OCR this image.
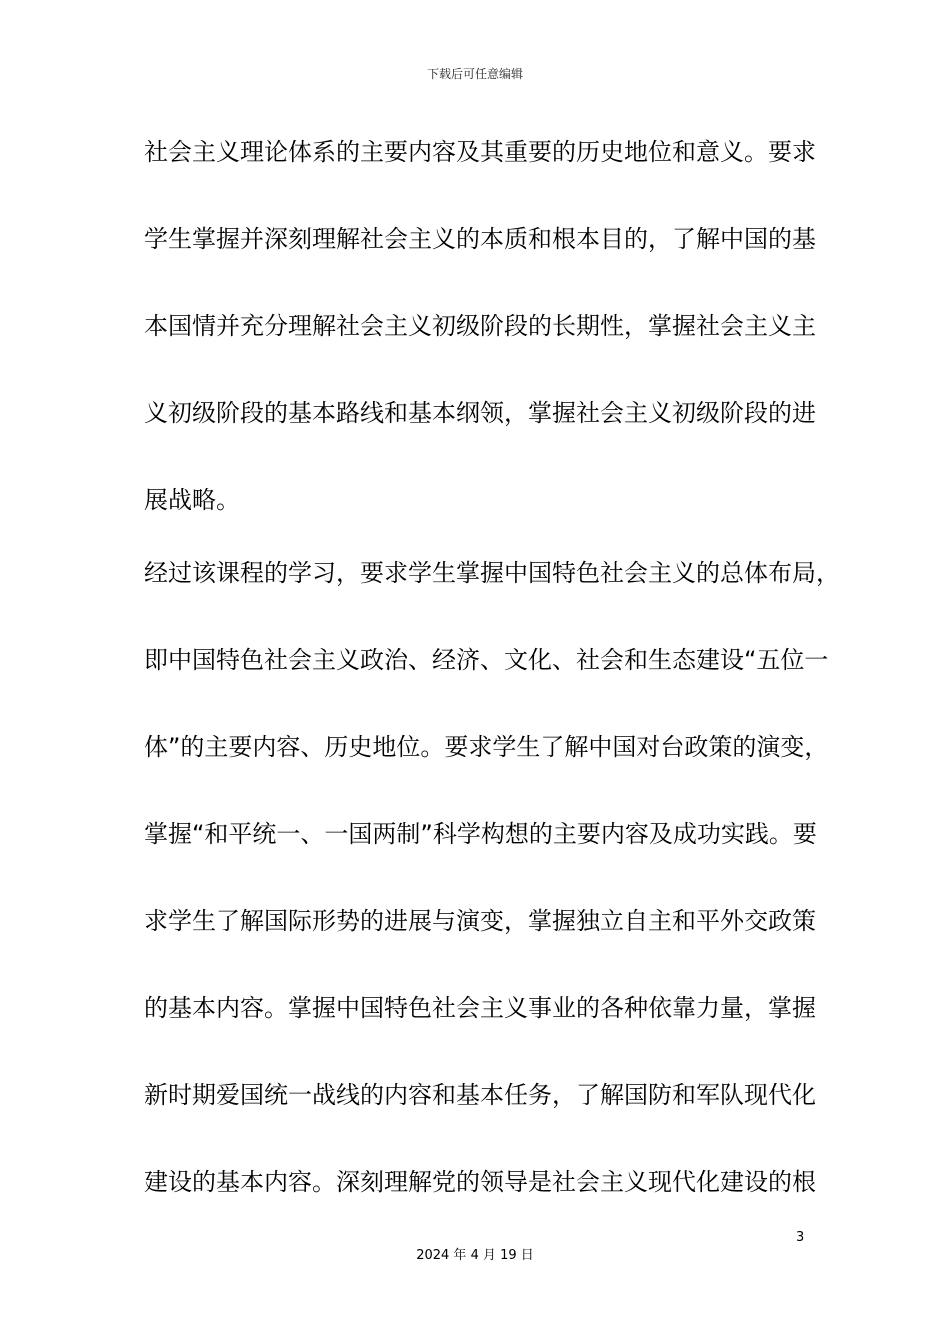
下载后可任意编辑
社会主义理论体系的主要内容及其重要的历史地位和意义。要求
学生掌握并深刻理解社会主义的本质和根本目的，了解中国的基
本国情并充分理解社会主义初级阶段的长期性，掌握社会主义主
义初级阶段的基本路线和基本纲领，掌握社会主义初级阶段的进
展战略。
经过该课程的学习，要求学生掌握中国特色社会主义的总体布局，
即中国特色社会主义政治、经济、文化、社会和生态建设“五位一
体”的主要内容、历史地位。要求学生了解中国对台政策的演变，
掌握“和平统一、一国两制”科学构想的主要内容及成功实践。要
求学生了解国际形势的进展与演变，掌握独立自主和平外交政策
的基本内容。掌握中国特色社会主义事业的各种依靠力量，掌握
新时期爱国统一战线的内容和基本任务，了解国防和军队现代化
建设的基本内容。深刻理解党的领导是社会主义现代化建设的根
3
2024 年 4 月 19 日
